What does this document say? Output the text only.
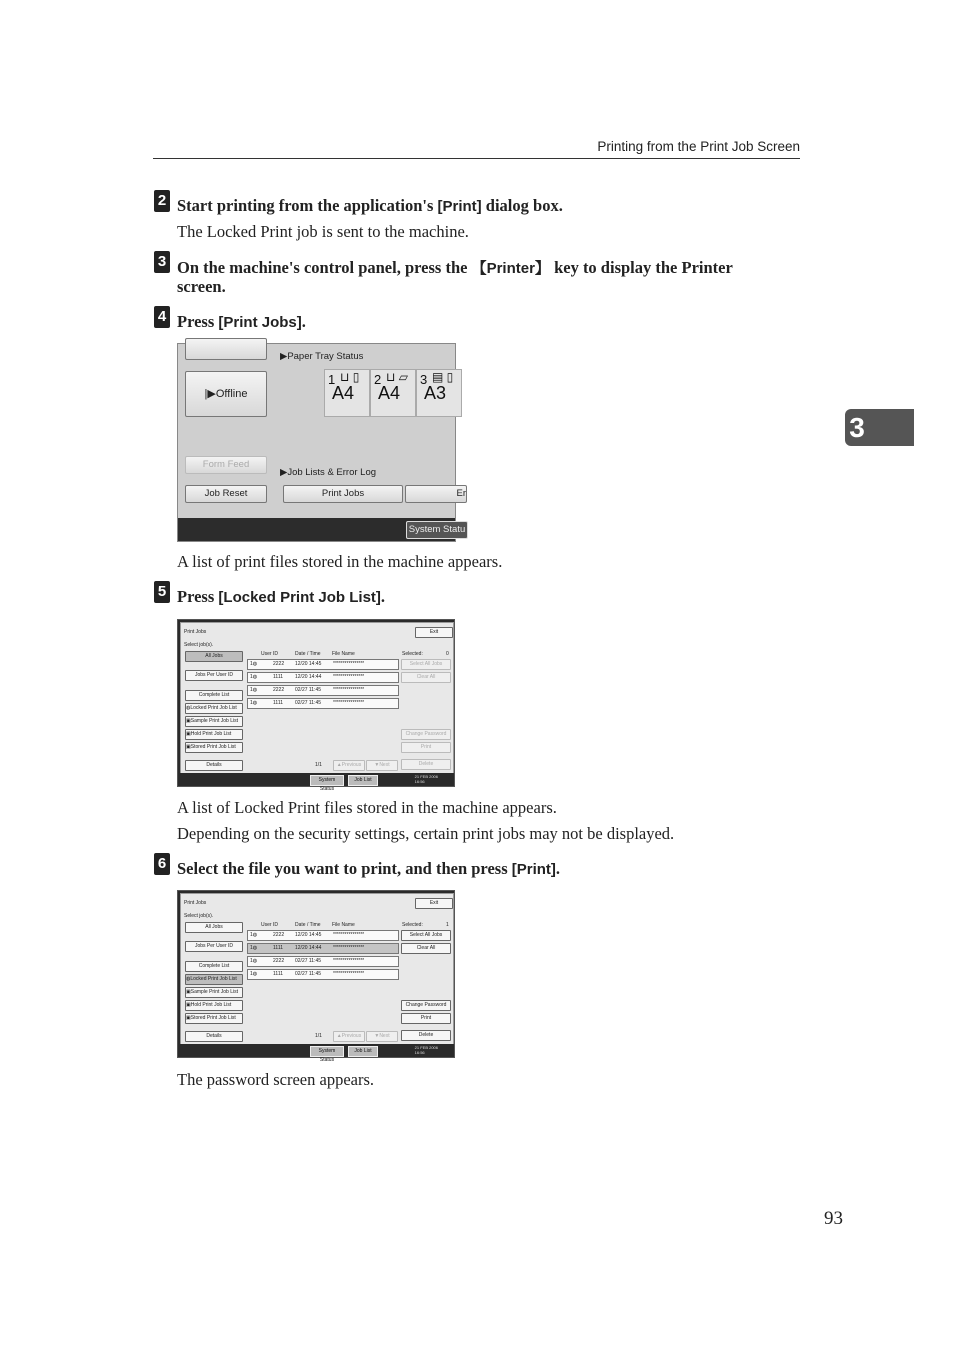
Printing from the Print Job Screen
3
2 Start printing from the application's [Print] dialog box.
The Locked Print job is sent to the machine.
3 On the machine's control panel, press the 【Printer】 key to display the Printer
screen.
4 Press [Print Jobs].
|▶Offline
Form Feed
Job Reset
▶Paper Tray Status
1 ⊔ ▯
A4
2 ⊔ ▱
A4
3 ▤ ▯
A3
▶Job Lists & Error Log
Print Jobs	Er
System Statu
A list of print files stored in the machine appears.
5 Press [Locked Print Job List].
Print Jobs	Exit
Select job(s).
User ID	Date / Time File Name	Selected:	0
All Jobs
Jobs Per User ID
Complete List
◍Locked Print Job List
▣Sample Print Job List
▣Hold Print Job List
▣Stored Print Job List
Details
1◍	2222 12/20 14:45 ****************
1◍	1111 12/20 14:44 ****************
1◍	2222 02/27 11:45 ****************
1◍	1111 02/27 11:45 ****************
Select All Jobs
Clear All
Change Password
Print
Delete
1/1	▲Previous	▼Next
System Status
Job List
21 FEB 2006
16:56
A list of Locked Print files stored in the machine appears.
Depending on the security settings, certain print jobs may not be displayed.
6 Select the file you want to print, and then press [Print].
Print Jobs	Exit
Select job(s).
User ID	Date / Time File Name	Selected:	1
All Jobs
Jobs Per User ID
Complete List
◍Locked Print Job List
▣Sample Print Job List
▣Hold Print Job List
▣Stored Print Job List
Details
1◍	2222 12/20 14:45 ****************
1◍	1111 12/20 14:44 ****************
1◍	2222 02/27 11:45 ****************
1◍	1111 02/27 11:45 ****************
Select All Jobs
Clear All
Change Password
Print
Delete
1/1	▲Previous	▼Next
System Status
Job List
21 FEB 2006
16:56
The password screen appears.
93
